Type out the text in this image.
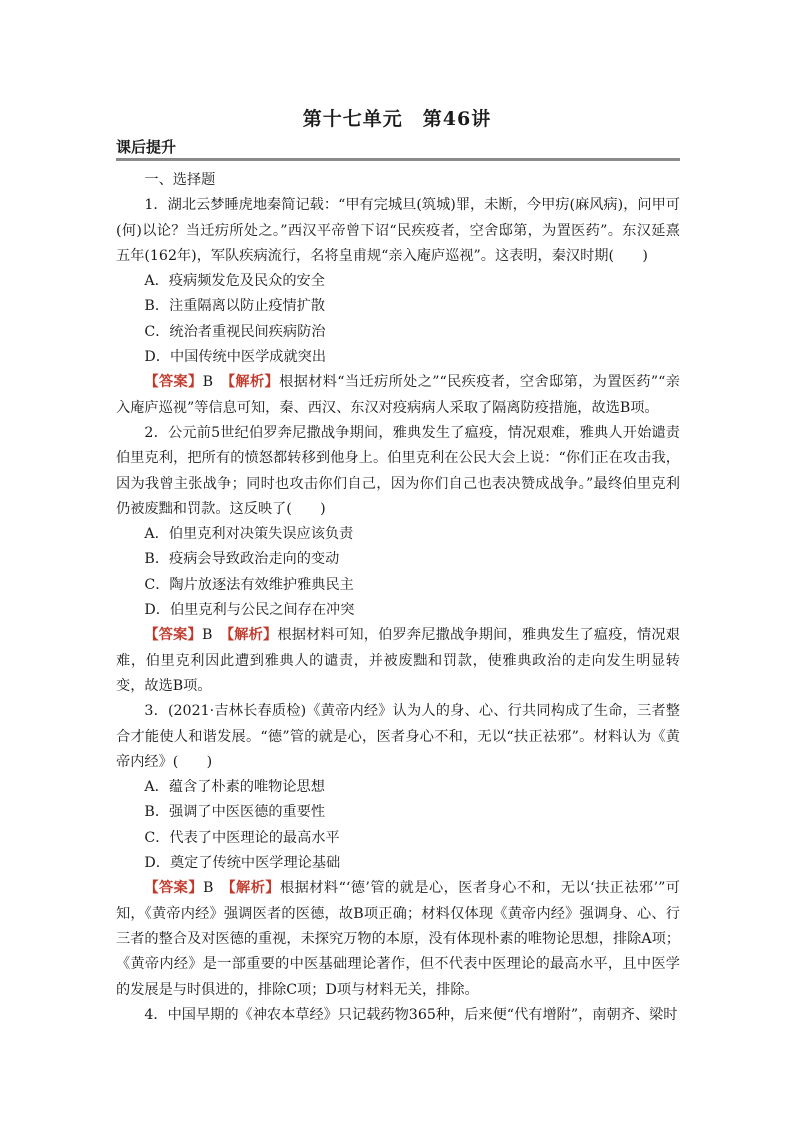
第十七单元　第46讲
课后提升

一、选择题

1．湖北云梦睡虎地秦简记载：“甲有完城旦(筑城)罪，未断，今甲疠(麻风病)，问甲可(何)以论？当迁疠所处之。”西汉平帝曾下诏“民疾疫者，空舍邸第，为置医药”。东汉延熹五年(162年)，军队疾病流行，名将皇甫规“亲入庵庐巡视”。这表明，秦汉时期(　　)

A．疫病频发危及民众的安全

B．注重隔离以防止疫情扩散

C．统治者重视民间疾病防治

D．中国传统中医学成就突出

【答案】B　 【解析】根据材料“当迁疠所处之”“民疾疫者，空舍邸第，为置医药”“亲入庵庐巡视”等信息可知，秦、西汉、东汉对疫病病人采取了隔离防疫措施，故选B项。

2．公元前5世纪伯罗奔尼撒战争期间，雅典发生了瘟疫，情况艰难，雅典人开始谴责伯里克利，把所有的愤怒都转移到他身上。伯里克利在公民大会上说：“你们正在攻击我，因为我曾主张战争；同时也攻击你们自己，因为你们自己也表决赞成战争。”最终伯里克利仍被废黜和罚款。这反映了(　　)

A．伯里克利对决策失误应该负责

B．疫病会导致政治走向的变动

C．陶片放逐法有效维护雅典民主

D．伯里克利与公民之间存在冲突

【答案】B　 【解析】根据材料可知，伯罗奔尼撒战争期间，雅典发生了瘟疫，情况艰难，伯里克利因此遭到雅典人的谴责，并被废黜和罚款，使雅典政治的走向发生明显转变，故选B项。

3．(2021·吉林长春质检)《黄帝内经》认为人的身、心、行共同构成了生命，三者整合才能使人和谐发展。“德”管的就是心，医者身心不和，无以“扶正祛邪”。材料认为《黄帝内经》(　　)

A．蕴含了朴素的唯物论思想

B．强调了中医医德的重要性

C．代表了中医理论的最高水平

D．奠定了传统中医学理论基础

【答案】B　 【解析】根据材料“‘德’管的就是心，医者身心不和，无以‘扶正祛邪’”可知，《黄帝内经》强调医者的医德，故B项正确；材料仅体现《黄帝内经》强调身、心、行三者的整合及对医德的重视，未探究万物的本原，没有体现朴素的唯物论思想，排除A项；《黄帝内经》是一部重要的中医基础理论著作，但不代表中医理论的最高水平，且中医学的发展是与时俱进的，排除C项；D项与材料无关，排除。

4．中国早期的《神农本草经》只记载药物365种，后来便“代有增附”，南朝齐、梁时
